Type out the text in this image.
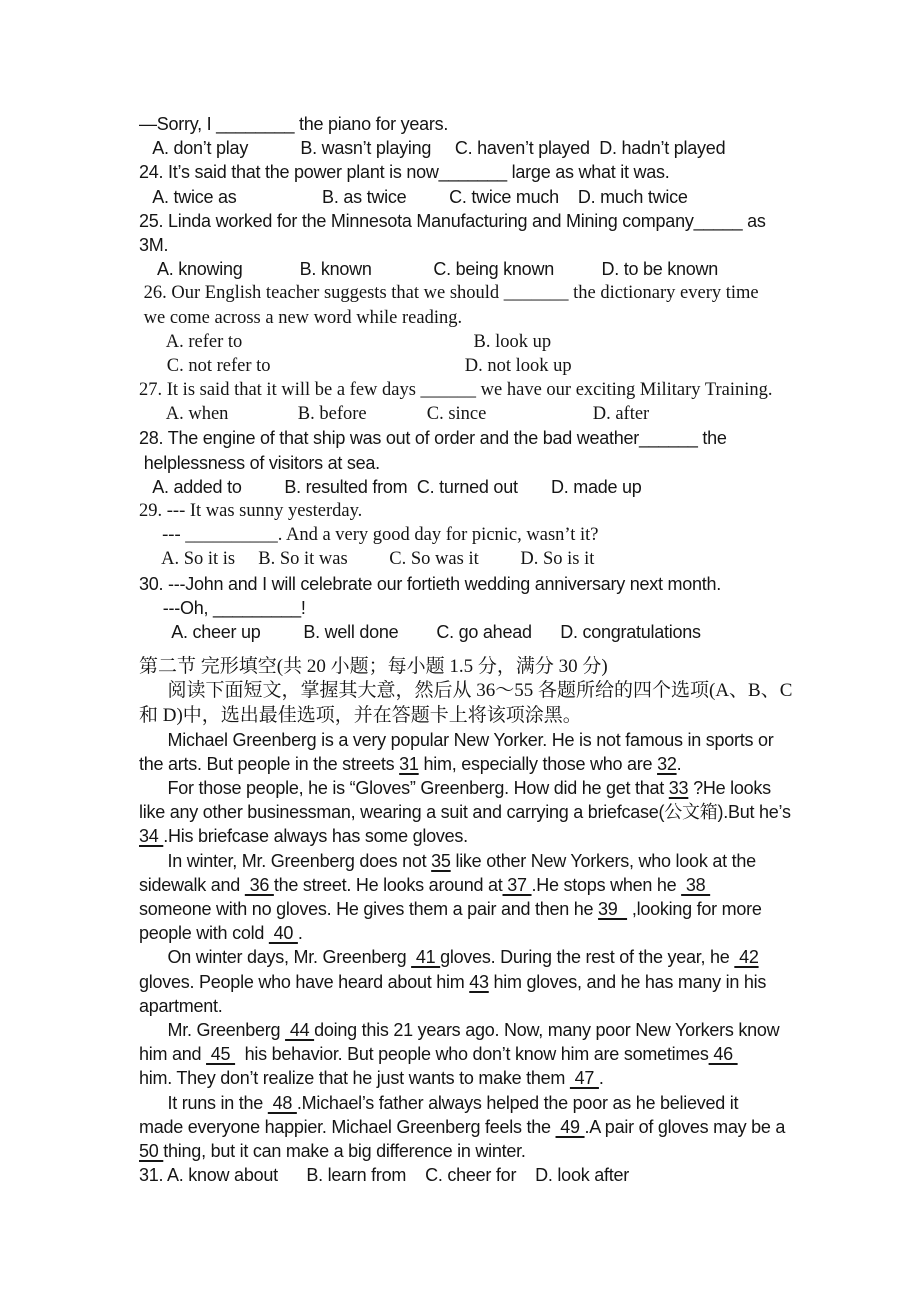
—Sorry, I ________ the piano for years.
A. don’t play           B. wasn’t playing     C. haven’t played  D. hadn’t played
24. It’s said that the power plant is now_______ large as what it was.
A. twice as                  B. as twice         C. twice much    D. much twice
25. Linda worked for the Minnesota Manufacturing and Mining company_____ as
3M.
A. knowing            B. known             C. being known          D. to be known
26. Our English teacher suggests that we should _______ the dictionary every time
we come across a new word while reading.
A. refer to                                                  B. look up
C. not refer to                                          D. not look up
27. It is said that it will be a few days ______ we have our exciting Military Training.
A. when               B. before             C. since                       D. after
28. The engine of that ship was out of order and the bad weather______ the
helplessness of visitors at sea.
A. added to         B. resulted from  C. turned out       D. made up
29. --- It was sunny yesterday.
--- __________. And a very good day for picnic, wasn’t it?
A. So it is     B. So it was         C. So was it         D. So is it
30. ---John and I will celebrate our fortieth wedding anniversary next month.
---Oh, _________!
A. cheer up         B. well done        C. go ahead      D. congratulations
第二节 完形填空(共 20 小题；每小题 1.5 分，满分 30 分)
阅读下面短文，掌握其大意，然后从 36～55 各题所给的四个选项(A、B、C
和 D)中，选出最佳选项，并在答题卡上将该项涂黑。
Michael Greenberg is a very popular New Yorker. He is not famous in sports or
the arts. But people in the streets 31 him, especially those who are 32.
For those people, he is “Gloves” Greenberg. How did he get that 33 ?He looks
like any other businessman, wearing a suit and carrying a briefcase(公文箱).But he’s
34 .His briefcase always has some gloves.
In winter, Mr. Greenberg does not 35 like other New Yorkers, who look at the
sidewalk and  36 the street. He looks around at 37 .He stops when he  38
someone with no gloves. He gives them a pair and then he 39   ,looking for more
people with cold  40 .
On winter days, Mr. Greenberg  41 gloves. During the rest of the year, he  42
gloves. People who have heard about him 43 him gloves, and he has many in his
apartment.
Mr. Greenberg  44 doing this 21 years ago. Now, many poor New Yorkers know
him and  45   his behavior. But people who don’t know him are sometimes 46
him. They don’t realize that he just wants to make them  47 .
It runs in the  48 .Michael’s father always helped the poor as he believed it
made everyone happier. Michael Greenberg feels the  49 .A pair of gloves may be a
50 thing, but it can make a big difference in winter.
31. A. know about      B. learn from    C. cheer for    D. look after
